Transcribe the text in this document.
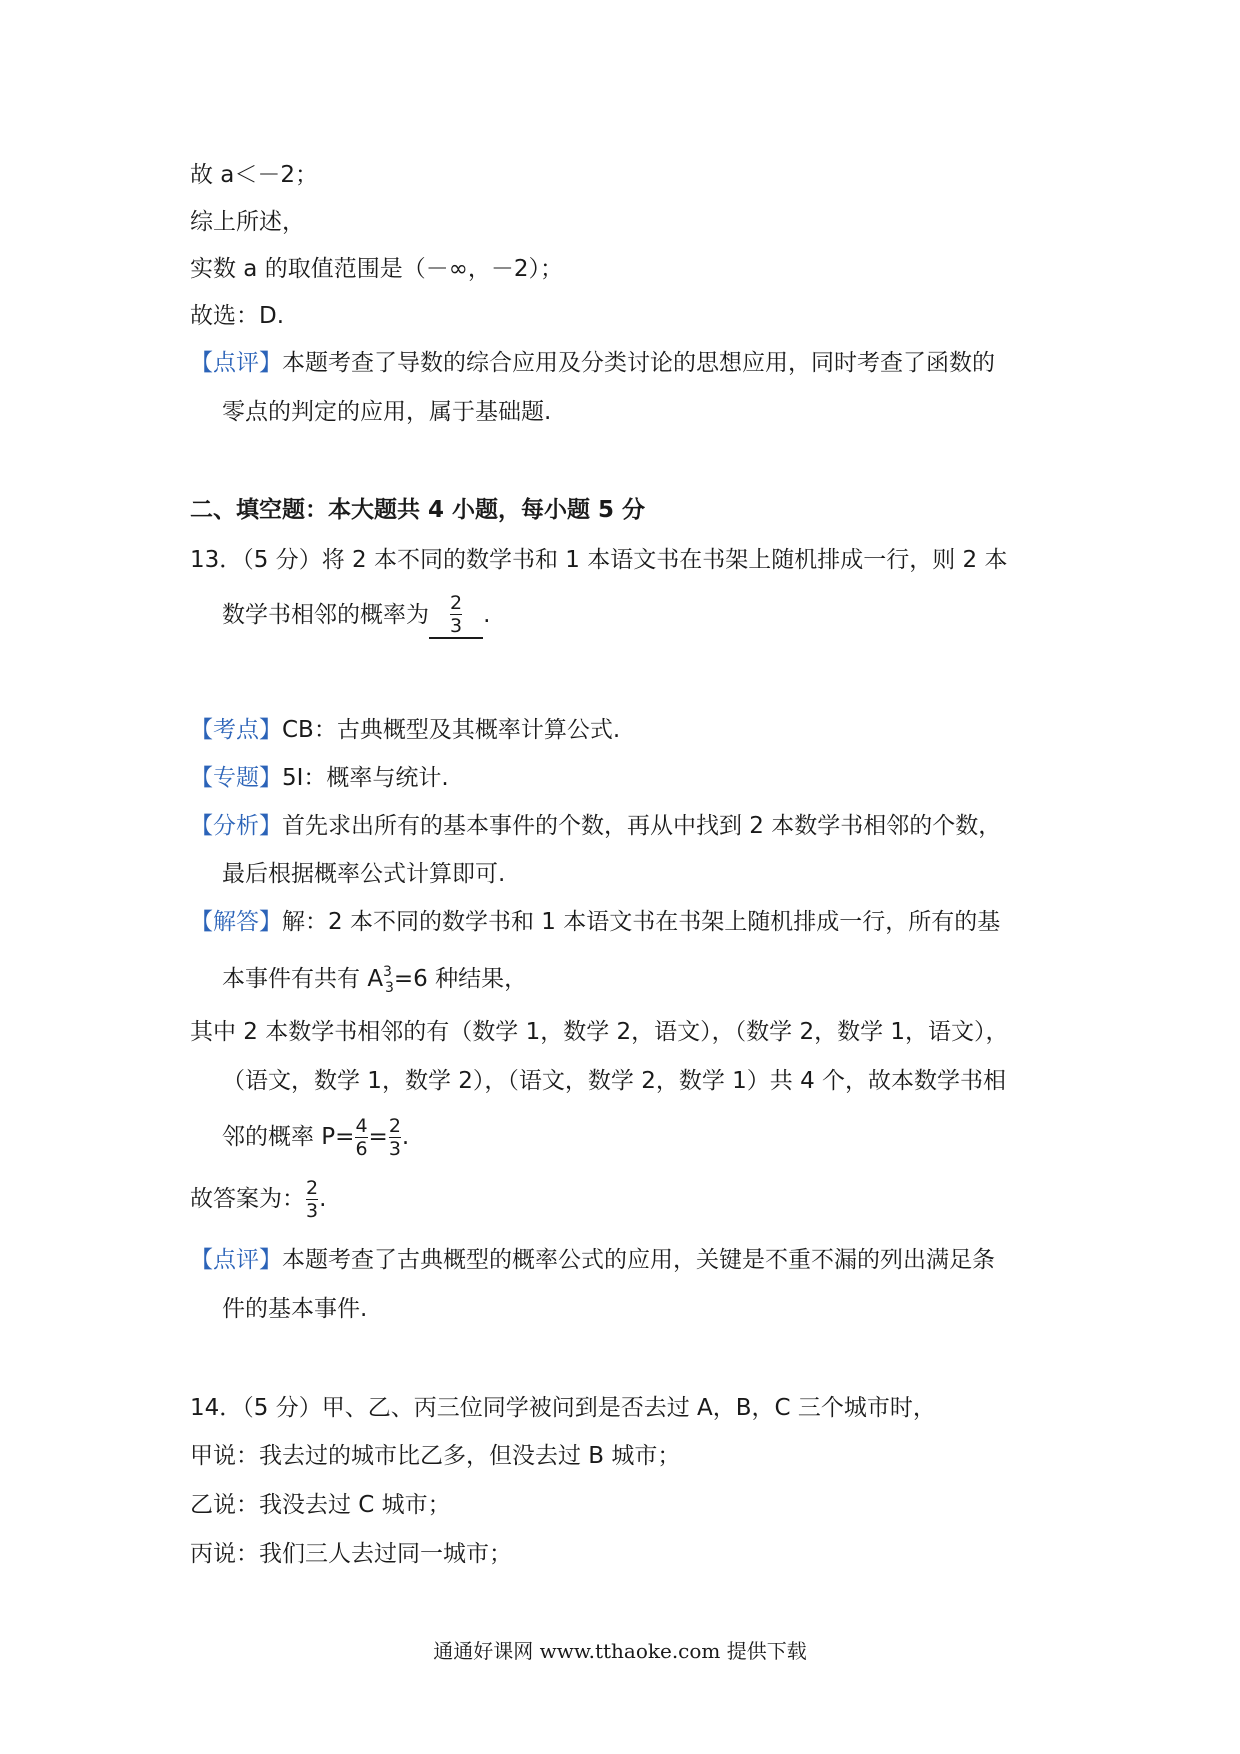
故 a＜－2；
综上所述，
实数 a 的取值范围是（－∞，－2）；
故选：D.
【点评】本题考查了导数的综合应用及分类讨论的思想应用，同时考查了函数的
零点的判定的应用，属于基础题.
二、填空题：本大题共 4 小题，每小题 5 分
13．（5 分）将 2 本不同的数学书和 1 本语文书在书架上随机排成一行，则 2 本
数学书相邻的概率为 $\frac{2}{3}$ .
【考点】CB：古典概型及其概率计算公式.
【专题】5I：概率与统计.
【分析】首先求出所有的基本事件的个数，再从中找到 2 本数学书相邻的个数，
最后根据概率公式计算即可.
【解答】解：2 本不同的数学书和 1 本语文书在书架上随机排成一行，所有的基
本事件有共有 $A^3_3=6$ 种结果，
其中 2 本数学书相邻的有（数学 1，数学 2，语文），（数学 2，数学 1，语文），
（语文，数学 1，数学 2），（语文，数学 2，数学 1）共 4 个，故本数学书相
邻的概率 $P= \frac{4}{6} = \frac{2}{3}$ .
故答案为： $\frac{2}{3}$ .
【点评】本题考查了古典概型的概率公式的应用，关键是不重不漏的列出满足条
件的基本事件.
14．（5 分）甲、乙、丙三位同学被问到是否去过 A，B，C 三个城市时，
甲说：我去过的城市比乙多，但没去过 B 城市；
乙说：我没去过 C 城市；
丙说：我们三人去过同一城市；
通通好课网 www.tthaoke.com 提供下载
